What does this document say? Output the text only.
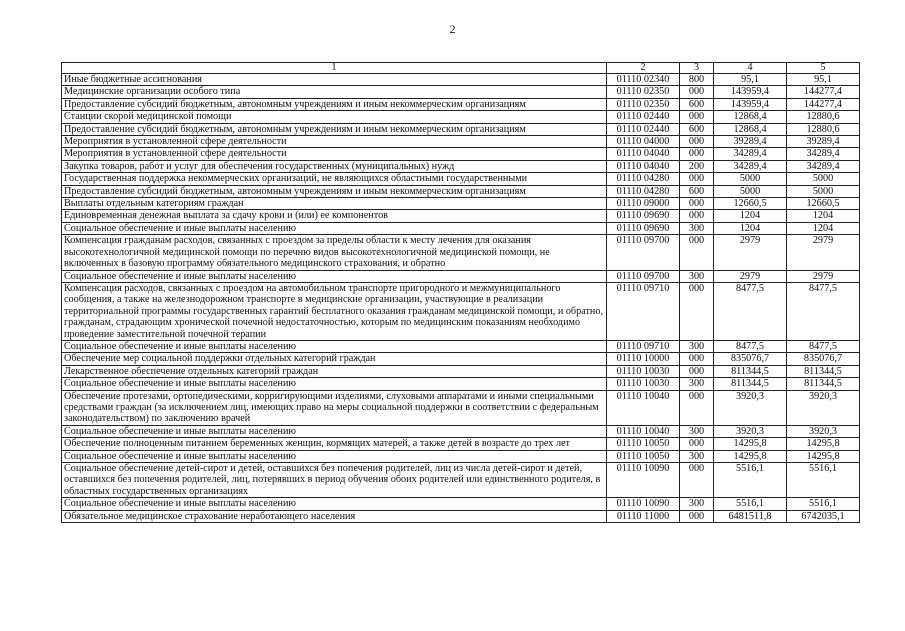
2
1	2	3	4	5
Иные бюджетные ассигнования	01110 02340	800	95,1	95,1
Медицинские организации особого типа	01110 02350	000	143959,4	144277,4
Предоставление субсидий бюджетным, автономным учреждениям и иным некоммерческим организациям	01110 02350	600	143959,4	144277,4
Станции скорой медицинской помощи	01110 02440	000	12868,4	12880,6
Предоставление субсидий бюджетным, автономным учреждениям и иным некоммерческим организациям	01110 02440	600	12868,4	12880,6
Мероприятия в установленной сфере деятельности	01110 04000	000	39289,4	39289,4
Мероприятия в установленной сфере деятельности	01110 04040	000	34289,4	34289,4
Закупка товаров, работ и услуг для обеспечения государственных (муниципальных) нужд	01110 04040	200	34289,4	34289,4
Государственная поддержка некоммерческих организаций, не являющихся областными государственными	01110 04280	000	5000	5000
Предоставление субсидий бюджетным, автономным учреждениям и иным некоммерческим организациям	01110 04280	600	5000	5000
Выплаты отдельным категориям граждан	01110 09000	000	12660,5	12660,5
Единовременная денежная выплата за сдачу крови и (или) ее компонентов	01110 09690	000	1204	1204
Социальное обеспечение и иные выплаты населению	01110 09690	300	1204	1204
Компенсация гражданам расходов, связанных с проездом за пределы области к месту лечения для оказания высокотехнологичной медицинской помощи по перечню видов высокотехнологичной медицинской помощи, не включенных в базовую программу обязательного медицинского страхования, и обратно	01110 09700	000	2979	2979
Социальное обеспечение и иные выплаты населению	01110 09700	300	2979	2979
Компенсация расходов, связанных с проездом на автомобильном транспорте пригородного и межмуниципального сообщения, а также на железнодорожном транспорте в медицинские организации, участвующие в реализации территориальной программы государственных гарантий бесплатного оказания гражданам медицинской помощи, и обратно, гражданам, страдающим хронической почечной недостаточностью, которым по медицинским показаниям необходимо проведение заместительной почечной терапии	01110 09710	000	8477,5	8477,5
Социальное обеспечение и иные выплаты населению	01110 09710	300	8477,5	8477,5
Обеспечение мер социальной поддержки отдельных категорий граждан	01110 10000	000	835076,7	835076,7
Лекарственное обеспечение отдельных категорий граждан	01110 10030	000	811344,5	811344,5
Социальное обеспечение и иные выплаты населению	01110 10030	300	811344,5	811344,5
Обеспечение протезами, ортопедическими, корригирующими изделиями, слуховыми аппаратами и иными специальными средствами граждан (за исключением лиц, имеющих право на меры социальной поддержки в соответствии с федеральным законодательством) по заключению врачей	01110 10040	000	3920,3	3920,3
Социальное обеспечение и иные выплаты населению	01110 10040	300	3920,3	3920,3
Обеспечение полноценным питанием беременных женщин, кормящих матерей, а также детей в возрасте до трех лет	01110 10050	000	14295,8	14295,8
Социальное обеспечение и иные выплаты населению	01110 10050	300	14295,8	14295,8
Социальное обеспечение детей-сирот и детей, оставшихся без попечения родителей, лиц из числа детей-сирот и детей, оставшихся без попечения родителей, лиц, потерявших в период обучения обоих родителей или единственного родителя, в областных государственных организациях	01110 10090	000	5516,1	5516,1
Социальное обеспечение и иные выплаты населению	01110 10090	300	5516,1	5516,1
Обязательное медицинское страхование неработающего населения	01110 11000	000	6481511,8	6742035,1
